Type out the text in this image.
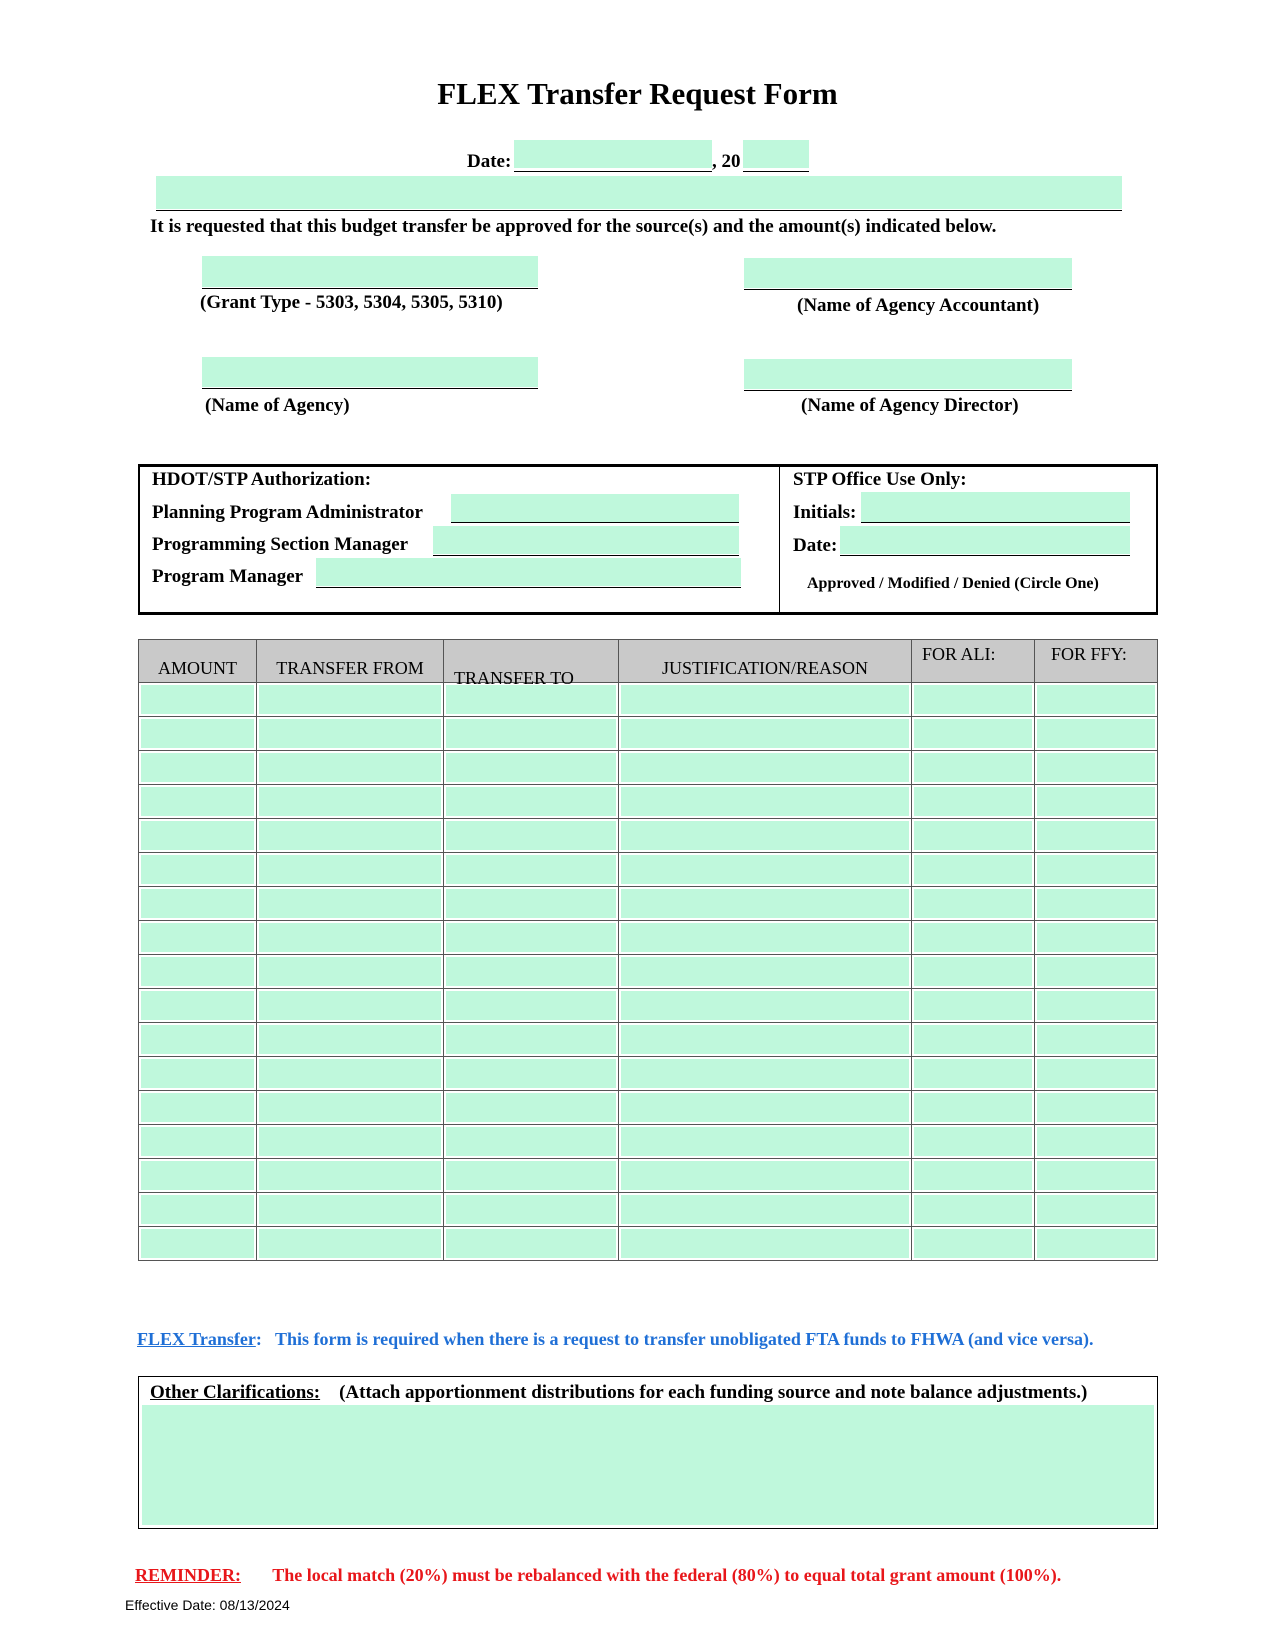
FLEX Transfer Request Form
Date:	, 20
It is requested that this budget transfer be approved for the source(s) and the amount(s) indicated below.
(Grant Type - 5303, 5304, 5305, 5310)	(Name of Agency Accountant)
(Name of Agency)	(Name of Agency Director)
HDOT/STP Authorization:
Planning Program Administrator
Programming Section Manager
Program Manager
STP Office Use Only:
Initials:
Date:
Approved / Modified / Denied (Circle One)
AMOUNT	TRANSFER FROM	TRANSFER TO	JUSTIFICATION/REASON	FOR ALI:	FOR FFY:

FLEX Transfer: This form is required when there is a request to transfer unobligated FTA funds to FHWA (and vice versa).
Other Clarifications: (Attach apportionment distributions for each funding source and note balance adjustments.)
REMINDER: The local match (20%) must be rebalanced with the federal (80%) to equal total grant amount (100%).
Effective Date: 08/13/2024
